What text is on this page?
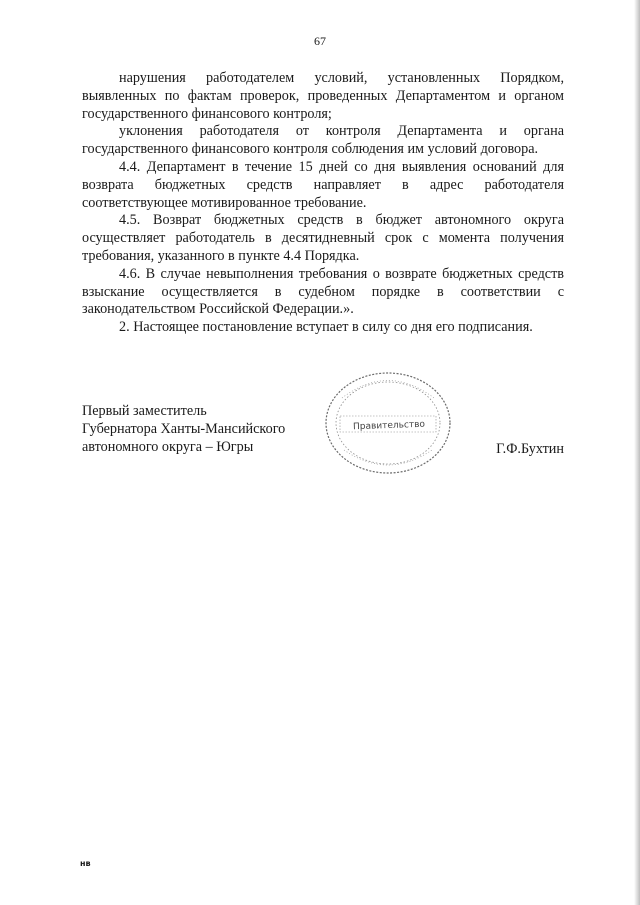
67

нарушения работодателем условий, установленных Порядком, выявленных по фактам проверок, проведенных Департаментом и органом государственного финансового контроля;

уклонения работодателя от контроля Департамента и органа государственного финансового контроля соблюдения им условий договора.

4.4. Департамент в течение 15 дней со дня выявления оснований для возврата бюджетных средств направляет в адрес работодателя соответствующее мотивированное требование.

4.5. Возврат бюджетных средств в бюджет автономного округа осуществляет работодатель в десятидневный срок с момента получения требования, указанного в пункте 4.4 Порядка.

4.6. В случае невыполнения требования о возврате бюджетных средств взыскание осуществляется в судебном порядке в соответствии с законодательством Российской Федерации.».

2. Настоящее постановление вступает в силу со дня его подписания.

Правительство
Первый заместитель
Губернатора Ханты-Мансийского
автономного округа – Югры	Г.Ф.Бухтин
нв
